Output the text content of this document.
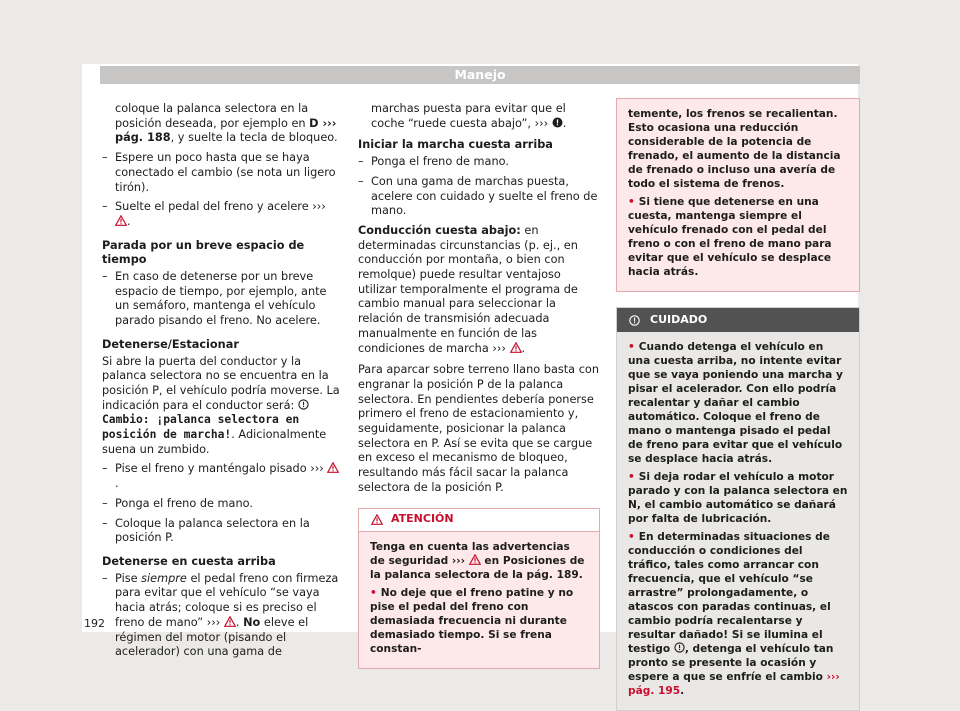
Manejo

coloque la palanca selectora en la posición deseada, por ejemplo en D ››› pág. 188, y suelte la tecla de bloqueo.

– Espere un poco hasta que se haya conectado el cambio (se nota un ligero tirón).
– Suelte el pedal del freno y acelere ››› .

Parada por un breve espacio de tiempo

– En caso de detenerse por un breve espacio de tiempo, por ejemplo, ante un semáforo, mantenga el vehículo parado pisando el freno. No acelere.

Detenerse/Estacionar

Si abre la puerta del conductor y la palanca selectora no se encuentra en la posición P, el vehículo podría moverse. La indicación para el conductor será:  Cambio: ¡palanca selectora en posición de marcha!. Adicionalmente suena un zumbido.

– Pise el freno y manténgalo pisado ››› .
– Ponga el freno de mano.
– Coloque la palanca selectora en la posición P.

Detenerse en cuesta arriba

– Pise siempre el pedal freno con firmeza para evitar que el vehículo “se vaya hacia atrás; coloque si es preciso el freno de mano” ››› . No eleve el régimen del motor (pisando el acelerador) con una gama de

marchas puesta para evitar que el coche “ruede cuesta abajo”, ››› .

Iniciar la marcha cuesta arriba

– Ponga el freno de mano.
– Con una gama de marchas puesta, acelere con cuidado y suelte el freno de mano.

Conducción cuesta abajo: en determinadas circunstancias (p. ej., en conducción por montaña, o bien con remolque) puede resultar ventajoso utilizar temporalmente el programa de cambio manual para seleccionar la relación de transmisión adecuada manualmente en función de las condiciones de marcha ››› .

Para aparcar sobre terreno llano basta con engranar la posición P de la palanca selectora. En pendientes debería ponerse primero el freno de estacionamiento y, seguidamente, posicionar la palanca selectora en P. Así se evita que se cargue en exceso el mecanismo de bloqueo, resultando más fácil sacar la palanca selectora de la posición P.

ATENCIÓN

Tenga en cuenta las advertencias de seguridad ›››  en Posiciones de la palanca selectora de la pág. 189.

• No deje que el freno patine y no pise el pedal del freno con demasiada frecuencia ni durante demasiado tiempo. Si se frena constan-

temente, los frenos se recalientan. Esto ocasiona una reducción considerable de la potencia de frenado, el aumento de la distancia de frenado o incluso una avería de todo el sistema de frenos.

• Si tiene que detenerse en una cuesta, mantenga siempre el vehículo frenado con el pedal del freno o con el freno de mano para evitar que el vehículo se desplace hacia atrás.

CUIDADO

• Cuando detenga el vehículo en una cuesta arriba, no intente evitar que se vaya poniendo una marcha y pisar el acelerador. Con ello podría recalentar y dañar el cambio automático. Coloque el freno de mano o mantenga pisado el pedal de freno para evitar que el vehículo se desplace hacia atrás.

• Si deja rodar el vehículo a motor parado y con la palanca selectora en N, el cambio automático se dañará por falta de lubricación.

• En determinadas situaciones de conducción o condiciones del tráfico, tales como arrancar con frecuencia, que el vehículo “se arrastre” prolongadamente, o atascos con paradas continuas, el cambio podría recalentarse y resultar dañado! Si se ilumina el testigo , detenga el vehículo tan pronto se presente la ocasión y espere a que se enfríe el cambio ››› pág. 195.

192
